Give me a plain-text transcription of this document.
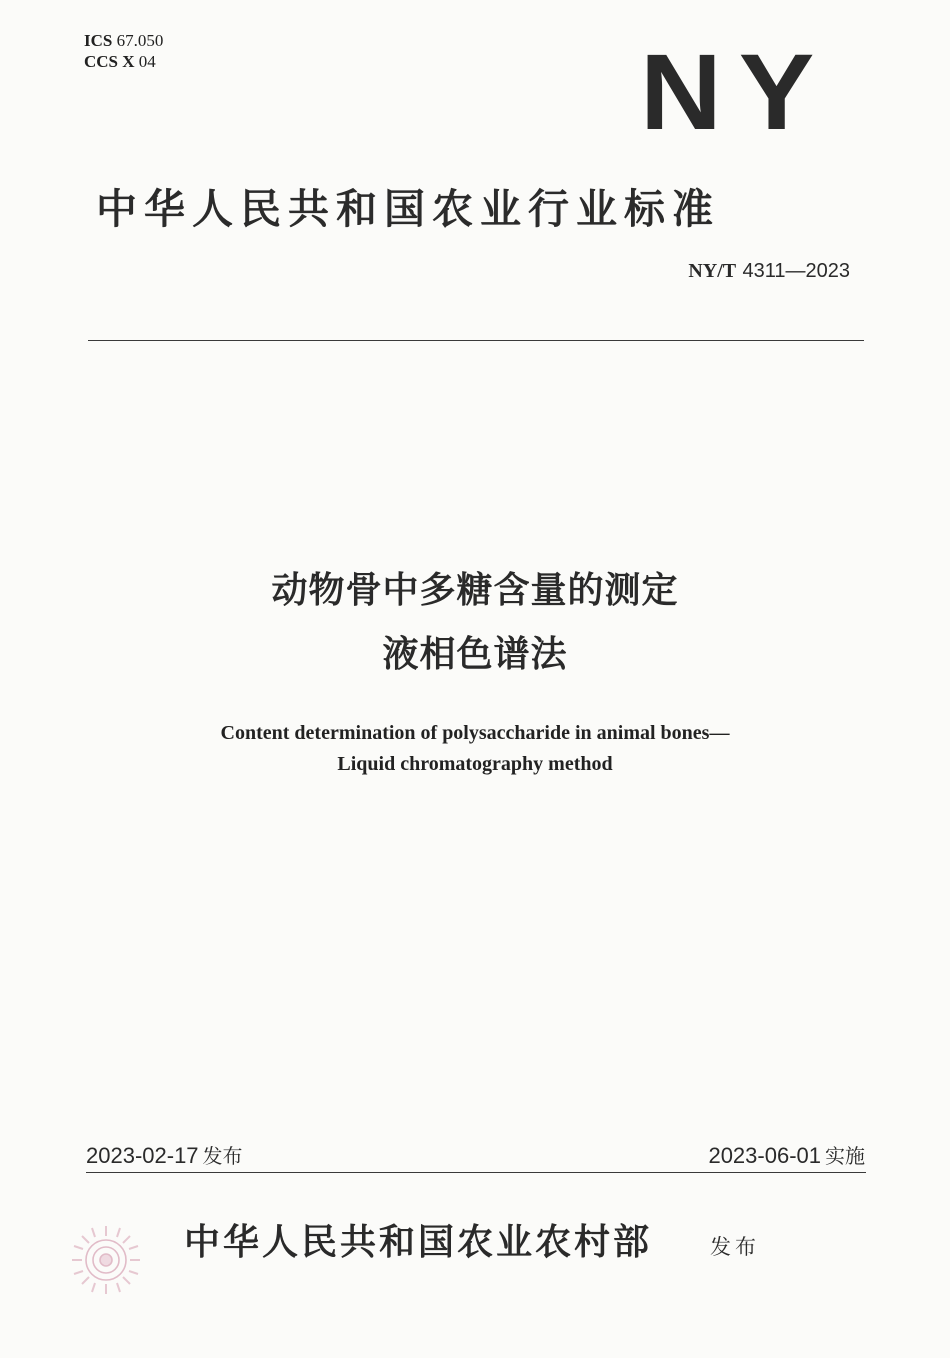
ICS 67.050
CCS X 04	NY
中华人民共和国农业行业标准
NY/T 4311—2023
动物骨中多糖含量的测定
液相色谱法
Content determination of polysaccharide in animal bones—
Liquid chromatography method
2023-02-17 发布	2023-06-01 实施
中华人民共和国农业农村部	发布
